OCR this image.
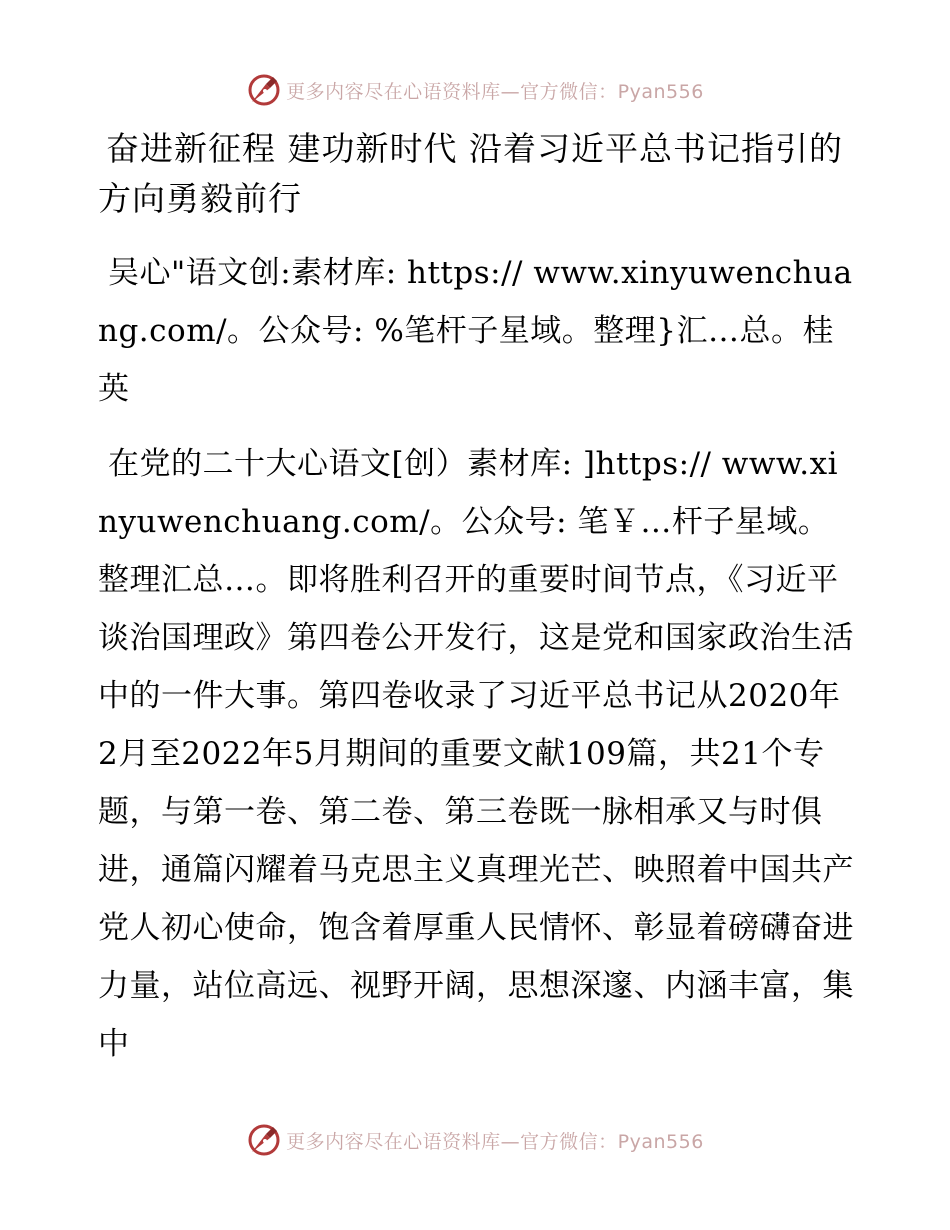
更多内容尽在心语资料库—官方微信：Pyan556
奋进新征程 建功新时代 沿着习近平总书记指引的方向勇毅前行

吴心"语文创:素材库: https:// www.xinyuwenchuang.com/。公众号: %笔杆子星域。整理}汇…总。桂英

在党的二十大心语文[创）素材库: ]https:// www.xinyuwenchuang.com/。公众号: 笔￥…杆子星域。整理汇总…。即将胜利召开的重要时间节点，《习近平谈治国理政》第四卷公开发行，这是党和国家政治生活中的一件大事。第四卷收录了习近平总书记从2020年2月至2022年5月期间的重要文献109篇，共21个专题，与第一卷、第二卷、第三卷既一脉相承又与时俱进，通篇闪耀着马克思主义真理光芒、映照着中国共产党人初心使命，饱含着厚重人民情怀、彰显着磅礴奋进力量，站位高远、视野开阔，思想深邃、内涵丰富，集中

更多内容尽在心语资料库—官方微信：Pyan556
